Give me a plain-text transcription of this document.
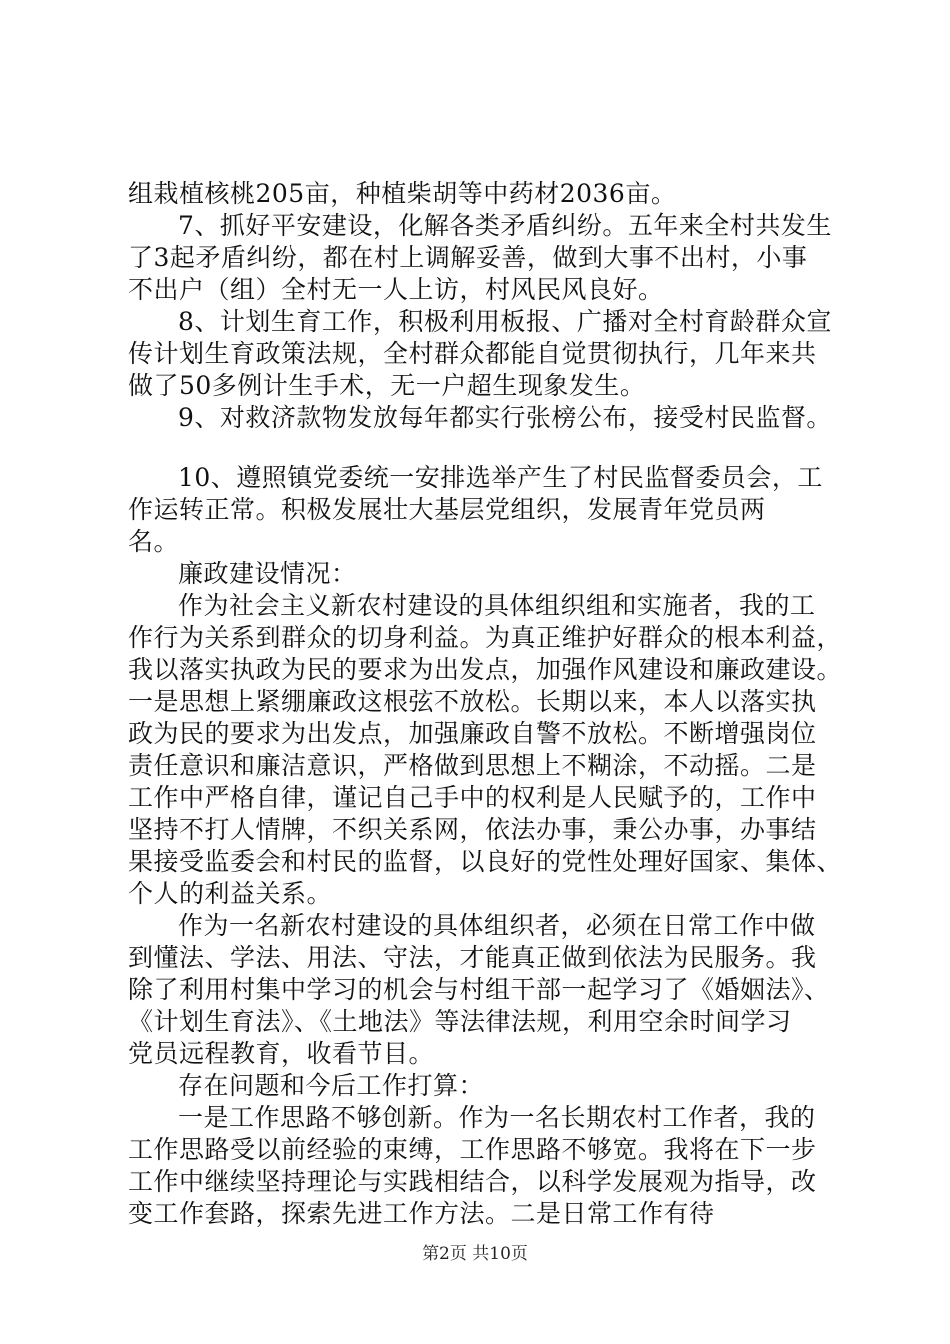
组栽植核桃205亩，种植柴胡等中药材2036亩。
7、抓好平安建设，化解各类矛盾纠纷。五年来全村共发生
了3起矛盾纠纷，都在村上调解妥善，做到大事不出村，小事
不出户（组）全村无一人上访，村风民风良好。
8、计划生育工作，积极利用板报、广播对全村育龄群众宣
传计划生育政策法规，全村群众都能自觉贯彻执行，几年来共
做了50多例计生手术，无一户超生现象发生。
9、对救济款物发放每年都实行张榜公布，接受村民监督。
10、遵照镇党委统一安排选举产生了村民监督委员会，工
作运转正常。积极发展壮大基层党组织，发展青年党员两
名。
廉政建设情况：
作为社会主义新农村建设的具体组织组和实施者，我的工
作行为关系到群众的切身利益。为真正维护好群众的根本利益，
我以落实执政为民的要求为出发点，加强作风建设和廉政建设。
一是思想上紧绷廉政这根弦不放松。长期以来，本人以落实执
政为民的要求为出发点，加强廉政自警不放松。不断增强岗位
责任意识和廉洁意识，严格做到思想上不糊涂，不动摇。二是
工作中严格自律，谨记自己手中的权利是人民赋予的，工作中
坚持不打人情牌，不织关系网，依法办事，秉公办事，办事结
果接受监委会和村民的监督，以良好的党性处理好国家、集体、
个人的利益关系。
作为一名新农村建设的具体组织者，必须在日常工作中做
到懂法、学法、用法、守法，才能真正做到依法为民服务。我
除了利用村集中学习的机会与村组干部一起学习了《婚姻法》、
《计划生育法》、《土地法》等法律法规，利用空余时间学习
党员远程教育，收看节目。
存在问题和今后工作打算：
一是工作思路不够创新。作为一名长期农村工作者，我的
工作思路受以前经验的束缚，工作思路不够宽。我将在下一步
工作中继续坚持理论与实践相结合，以科学发展观为指导，改
变工作套路，探索先进工作方法。二是日常工作有待
第2页 共10页
